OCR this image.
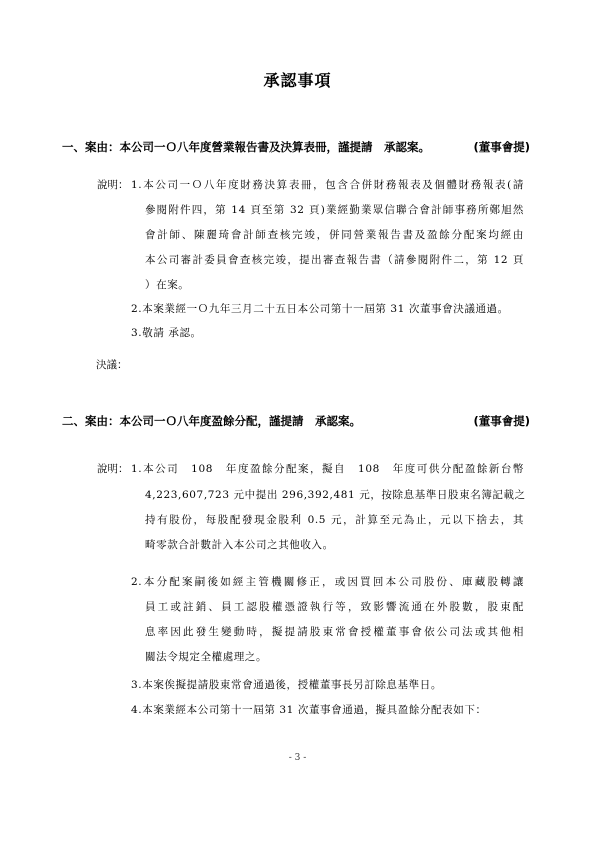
承認事項
一、案由：本公司一Ｏ八年度營業報告書及決算表冊，謹提請　承認案。	(董事會提)
說明： 1.本公司一Ｏ八年度財務決算表冊，包含合併財務報表及個體財務報表(請
參閱附件四，第 14 頁至第 32 頁)業經勤業眾信聯合會計師事務所鄭旭然
會計師、陳麗琦會計師查核完竣，併同營業報告書及盈餘分配案均經由
本公司審計委員會查核完竣，提出審查報告書（請參閱附件二，第 12 頁
）在案。
2.本案業經一Ｏ九年三月二十五日本公司第十一屆第 31 次董事會決議通過。
3.敬請 承認。
決議：
二、案由：本公司一Ｏ八年度盈餘分配，謹提請　承認案。	(董事會提)
說明： 1.本公司　108　年度盈餘分配案，擬自　108　年度可供分配盈餘新台幣
4,223,607,723 元中提出 296,392,481 元，按除息基準日股東名簿記載之
持有股份，每股配發現金股利 0.5 元，計算至元為止，元以下捨去，其
畸零款合計數計入本公司之其他收入。
2.本分配案嗣後如經主管機關修正，或因買回本公司股份、庫藏股轉讓
員工或註銷、員工認股權憑證執行等，致影響流通在外股數，股東配
息率因此發生變動時，擬提請股東常會授權董事會依公司法或其他相
關法令規定全權處理之。
3.本案俟擬提請股東常會通過後，授權董事長另訂除息基準日。
4.本案業經本公司第十一屆第 31 次董事會通過，擬具盈餘分配表如下：
- 3 -
